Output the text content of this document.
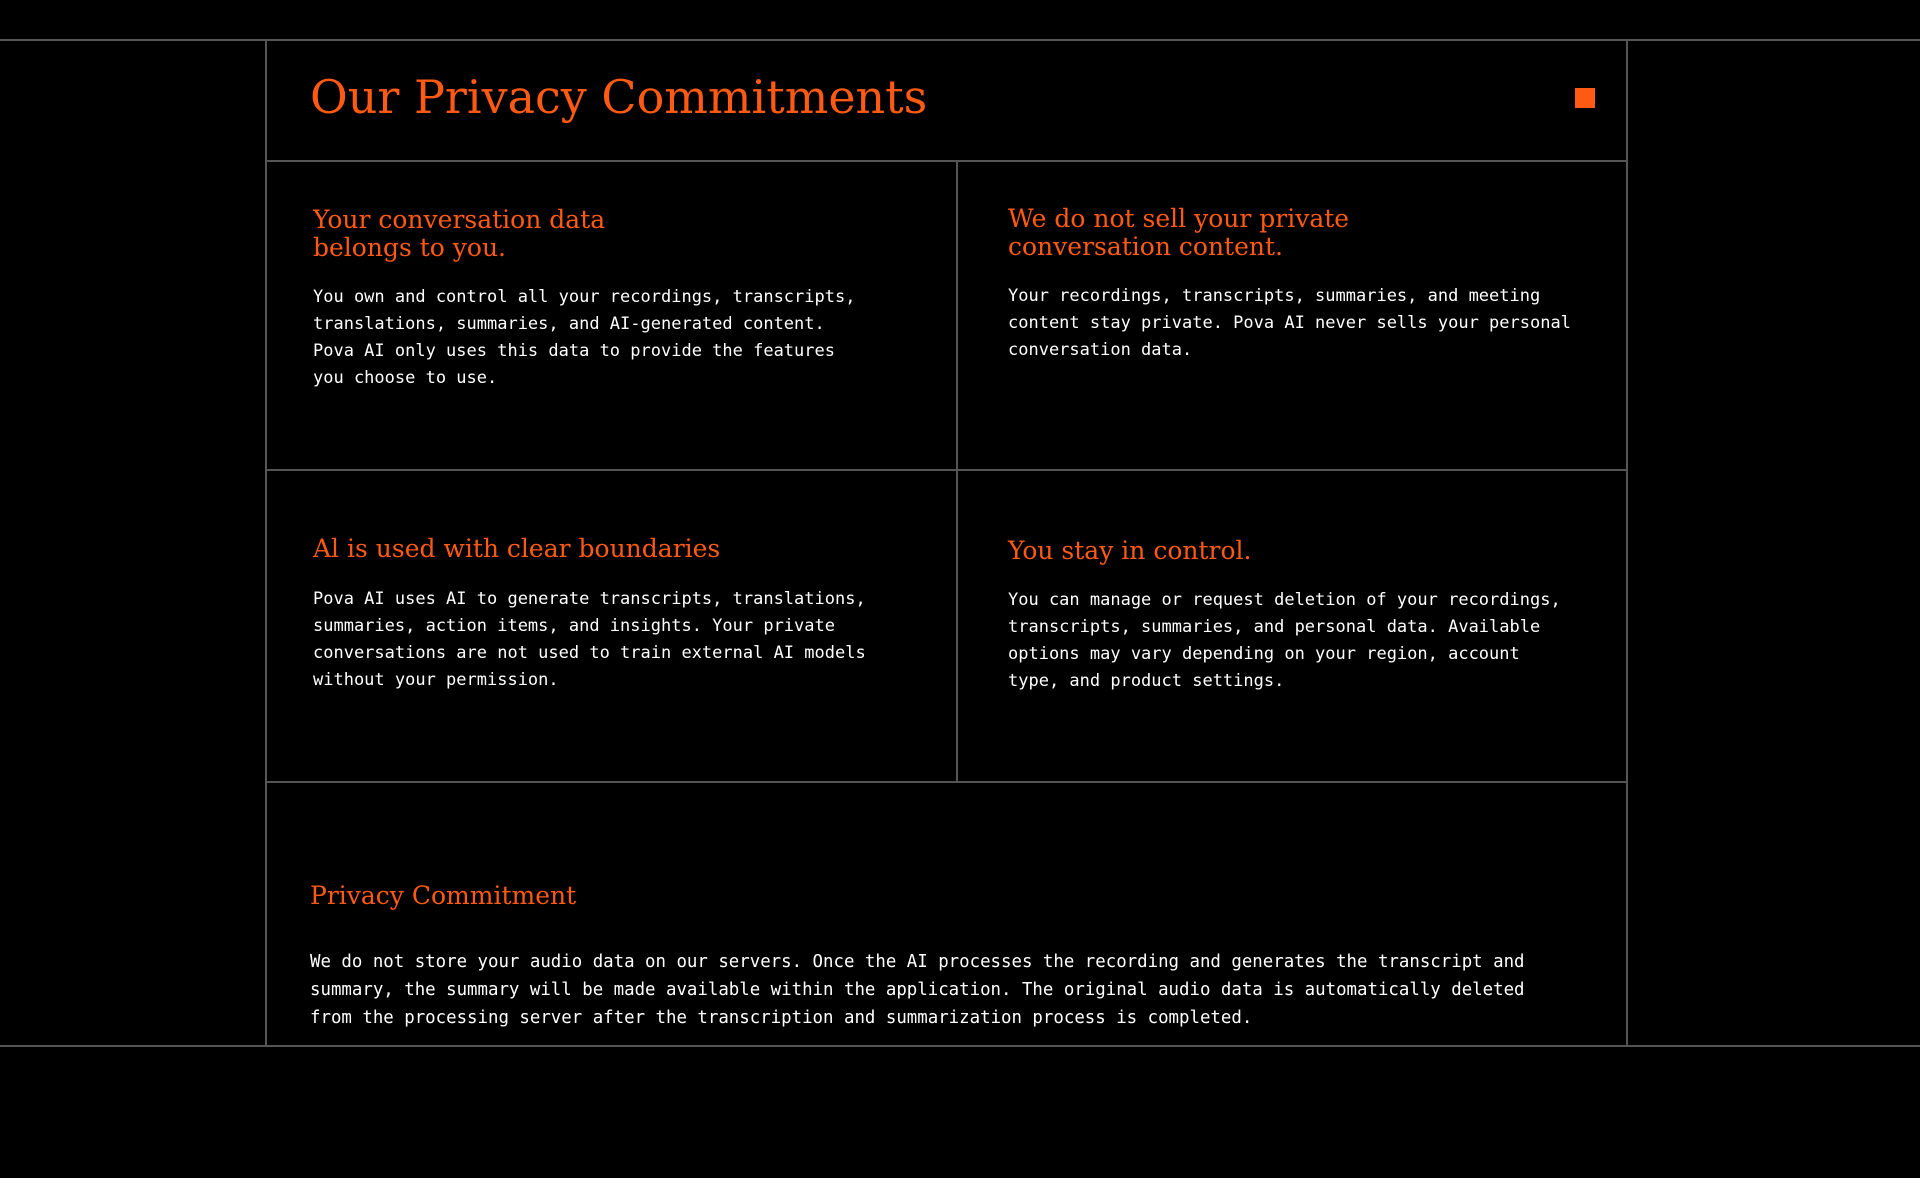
Our Privacy Commitments
Your conversation data
belongs to you.

You own and control all your recordings, transcripts,
translations, summaries, and AI-generated content.
Pova AI only uses this data to provide the features
you choose to use.

We do not sell your private
conversation content.

Your recordings, transcripts, summaries, and meeting
content stay private. Pova AI never sells your personal
conversation data.

Al is used with clear boundaries

Pova AI uses AI to generate transcripts, translations,
summaries, action items, and insights. Your private
conversations are not used to train external AI models
without your permission.

You stay in control.

You can manage or request deletion of your recordings,
transcripts, summaries, and personal data. Available
options may vary depending on your region, account
type, and product settings.

Privacy Commitment

We do not store your audio data on our servers. Once the AI processes the recording and generates the transcript and
summary, the summary will be made available within the application. The original audio data is automatically deleted
from the processing server after the transcription and summarization process is completed.
